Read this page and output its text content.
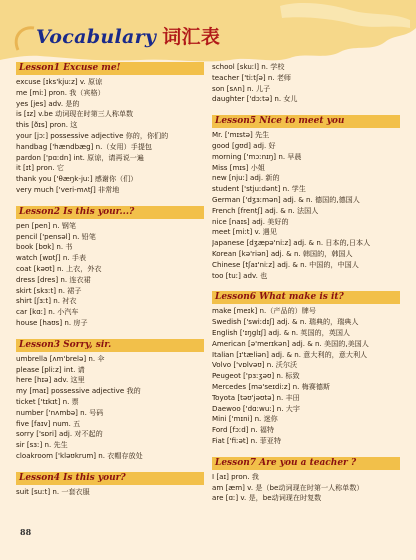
Vocabulary 词汇表
Lesson1 Excuse me!
excuse [ɪks'kjuːz] v. 原谅
me [miː] pron. 我（宾格）
yes [jes] adv. 是的
is [ɪz] v.be 动词现在时第三人称单数
this [ðɪs] pron. 这
your [jɔː] possessive adjective 你的，你们的
handbag ['hændbæg] n.（女用）手提包
pardon ['pɑːdn] int. 原谅，请再说一遍
it [ɪt] pron. 它
thank you ['θæŋk-juː] 感谢你（们）
very much ['veri-mʌtʃ] 非常地
Lesson2 Is this your...?
pen [pen] n. 钢笔
pencil ['pensəl] n. 铅笔
book [bʊk] n. 书
watch [wɒtʃ] n. 手表
coat [kəʊt] n. 上衣，外衣
dress [dres] n. 连衣裙
skirt [skɜːt] n. 裙子
shirt [ʃɜːt] n. 衬衣
car [kɑː] n. 小汽车
house [haʊs] n. 房子
Lesson3 Sorry, sir.
umbrella [ʌm'brelə] n. 伞
please [pliːz] int. 请
here [hɪə] adv. 这里
my [maɪ] possessive adjective 我的
ticket ['tɪkɪt] n. 票
number ['nʌmbə] n. 号码
five [faɪv] num. 五
sorry ['sɒri] adj. 对不起的
sir [sɜː] n. 先生
cloakroom ['kləʊkrum] n. 衣帽存放处
Lesson4 Is this your?
suit [suːt] n. 一套衣服
school [skuːl] n. 学校
teacher ['tiːtʃə] n. 老师
son [sʌn] n. 儿子
daughter ['dɔːtə] n. 女儿
Lesson5 Nice to meet you
Mr. ['mɪstə] 先生
good [gʊd] adj. 好
morning ['mɔːnɪŋ] n. 早晨
Miss [mɪs] 小姐
new [njuː] adj. 新的
student ['stjuːdənt] n. 学生
German ['dʒɜːmən] adj. & n. 德国的,德国人
French [frentʃ] adj. & n. 法国人
nice [naɪs] adj. 美好的
meet [miːt] v. 遇见
Japanese [dʒæpə'niːz] adj. & n. 日本的,日本人
Korean [kə'riən] adj. & n. 韩国的，韩国人
Chinese [tʃaɪ'niːz] adj. & n. 中国的，中国人
too [tuː] adv. 也
Lesson6 What make is it?
make [meɪk] n.（产品的）牌号
Swedish ['swiːdɪʃ] adj. & n. 瑞典的，瑞典人
English ['ɪŋglɪʃ] adj. & n. 英国的，英国人
American [ə'merɪkən] adj. & n. 美国的,美国人
Italian [ɪ'tæliən] adj. & n. 意大利的，意大利人
Volvo ['vɒlvəʊ] n. 沃尔沃
Peugeot ['pɜːʒəʊ] n. 标致
Mercedes [mə'seɪdiːz] n. 梅赛德斯
Toyota [təʊ'jəʊtə] n. 丰田
Daewoo ['dɑːwuː] n. 大宇
Mini ['mɪni] n. 迷你
Ford [fɔːd] n. 福特
Fiat ['fiːət] n. 菲亚特
Lesson7 Are you a teacher ?
I [aɪ] pron. 我
am [æm] v. 是（be动词现在时第一人称单数）
are [ɑː] v. 是，be动词现在时复数
88
